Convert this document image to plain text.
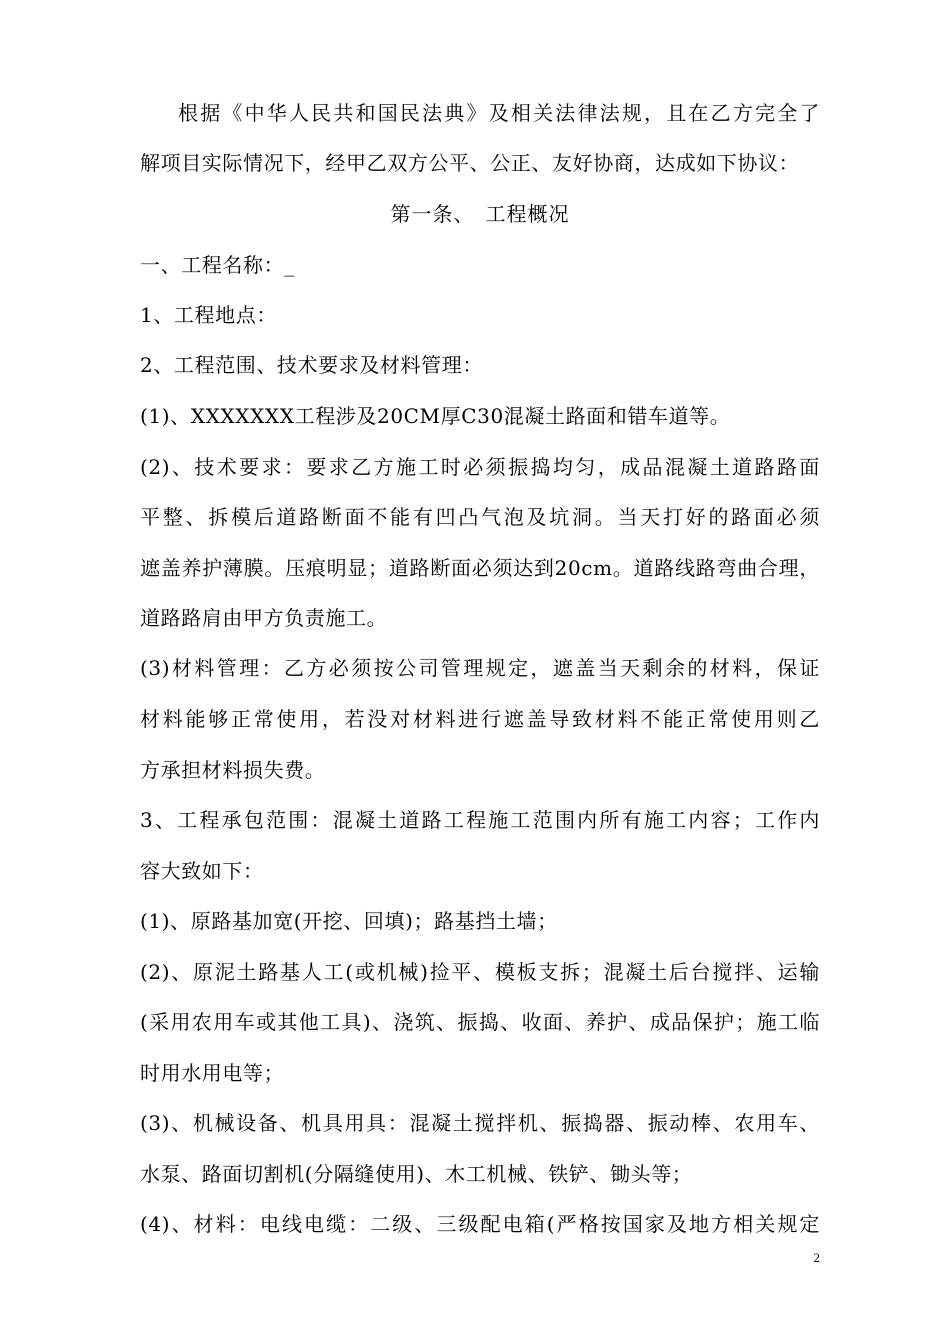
根据《中华人民共和国民法典》及相关法律法规，且在乙方完全了
解项目实际情况下，经甲乙双方公平、公正、友好协商，达成如下协议：
第一条、　工程概况
一、工程名称：_
1、工程地点：
2、工程范围、技术要求及材料管理：
(1)、XXXXXXX工程涉及20CM厚C30混凝土路面和错车道等。
(2)、技术要求：要求乙方施工时必须振捣均匀，成品混凝土道路路面
平整、拆模后道路断面不能有凹凸气泡及坑洞。当天打好的路面必须
遮盖养护薄膜。压痕明显；道路断面必须达到20cm。道路线路弯曲合理，
道路路肩由甲方负责施工。
(3)材料管理：乙方必须按公司管理规定，遮盖当天剩余的材料，保证
材料能够正常使用，若没对材料进行遮盖导致材料不能正常使用则乙
方承担材料损失费。
3、工程承包范围：混凝土道路工程施工范围内所有施工内容；工作内
容大致如下：
(1)、原路基加宽(开挖、回填)；路基挡土墙；
(2)、原泥土路基人工(或机械)捡平、模板支拆；混凝土后台搅拌、运输
(采用农用车或其他工具)、浇筑、振捣、收面、养护、成品保护；施工临
时用水用电等；
(3)、机械设备、机具用具：混凝土搅拌机、振捣器、振动棒、农用车、
水泵、路面切割机(分隔缝使用)、木工机械、铁铲、锄头等；
(4)、材料：电线电缆：二级、三级配电箱(严格按国家及地方相关规定
2
